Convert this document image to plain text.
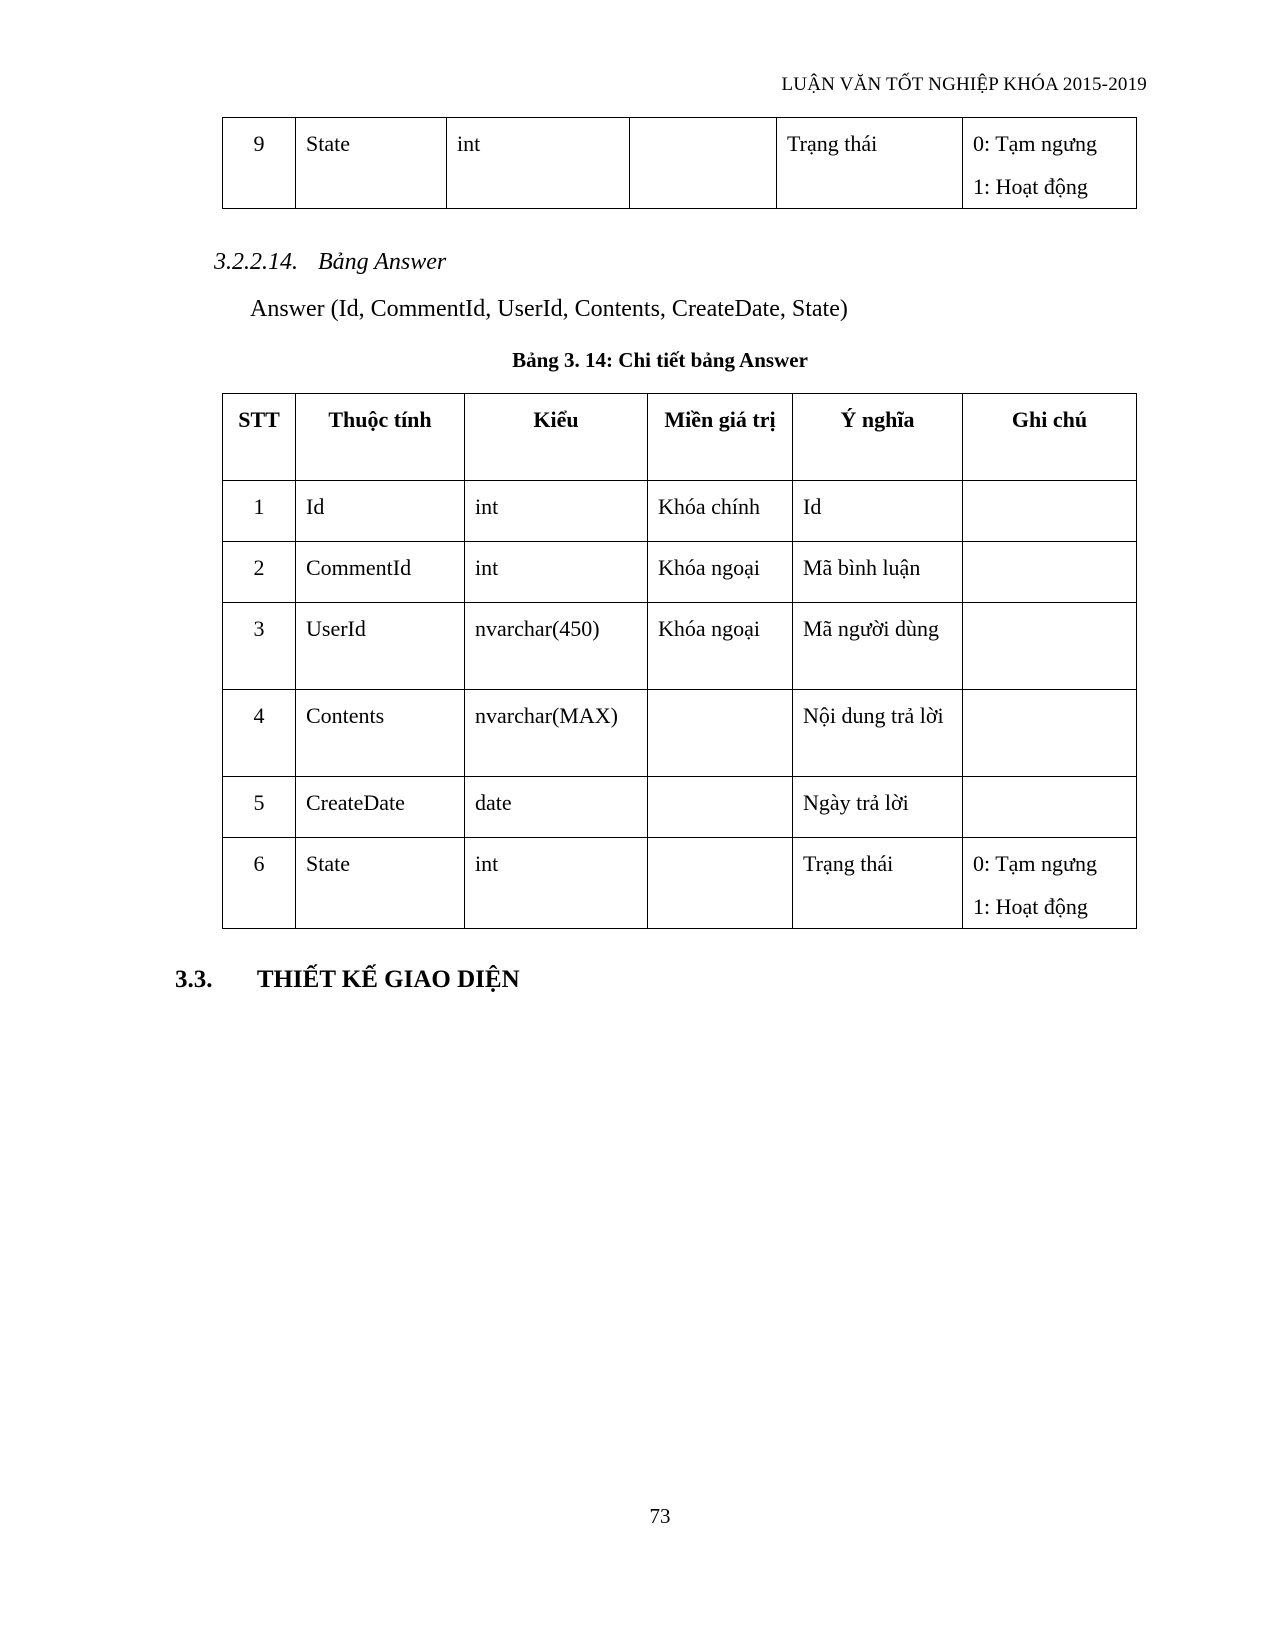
LUẬN VĂN TỐT NGHIỆP KHÓA 2015-2019
9	State	int		Trạng thái	0: Tạm ngưng
1: Hoạt động
3.2.2.14. Bảng Answer
Answer (Id, CommentId, UserId, Contents, CreateDate, State)
Bảng 3. 14: Chi tiết bảng Answer
STT	Thuộc tính	Kiểu	Miền giá trị	Ý nghĩa	Ghi chú
1	Id	int	Khóa chính	Id	
2	CommentId	int	Khóa ngoại	Mã bình luận	
3	UserId	nvarchar(450)	Khóa ngoại	Mã người dùng	
4	Contents	nvarchar(MAX)		Nội dung trả lời	
5	CreateDate	date		Ngày trả lời	
6	State	int		Trạng thái	0: Tạm ngưng
1: Hoạt động
3.3. THIẾT KẾ GIAO DIỆN
73
